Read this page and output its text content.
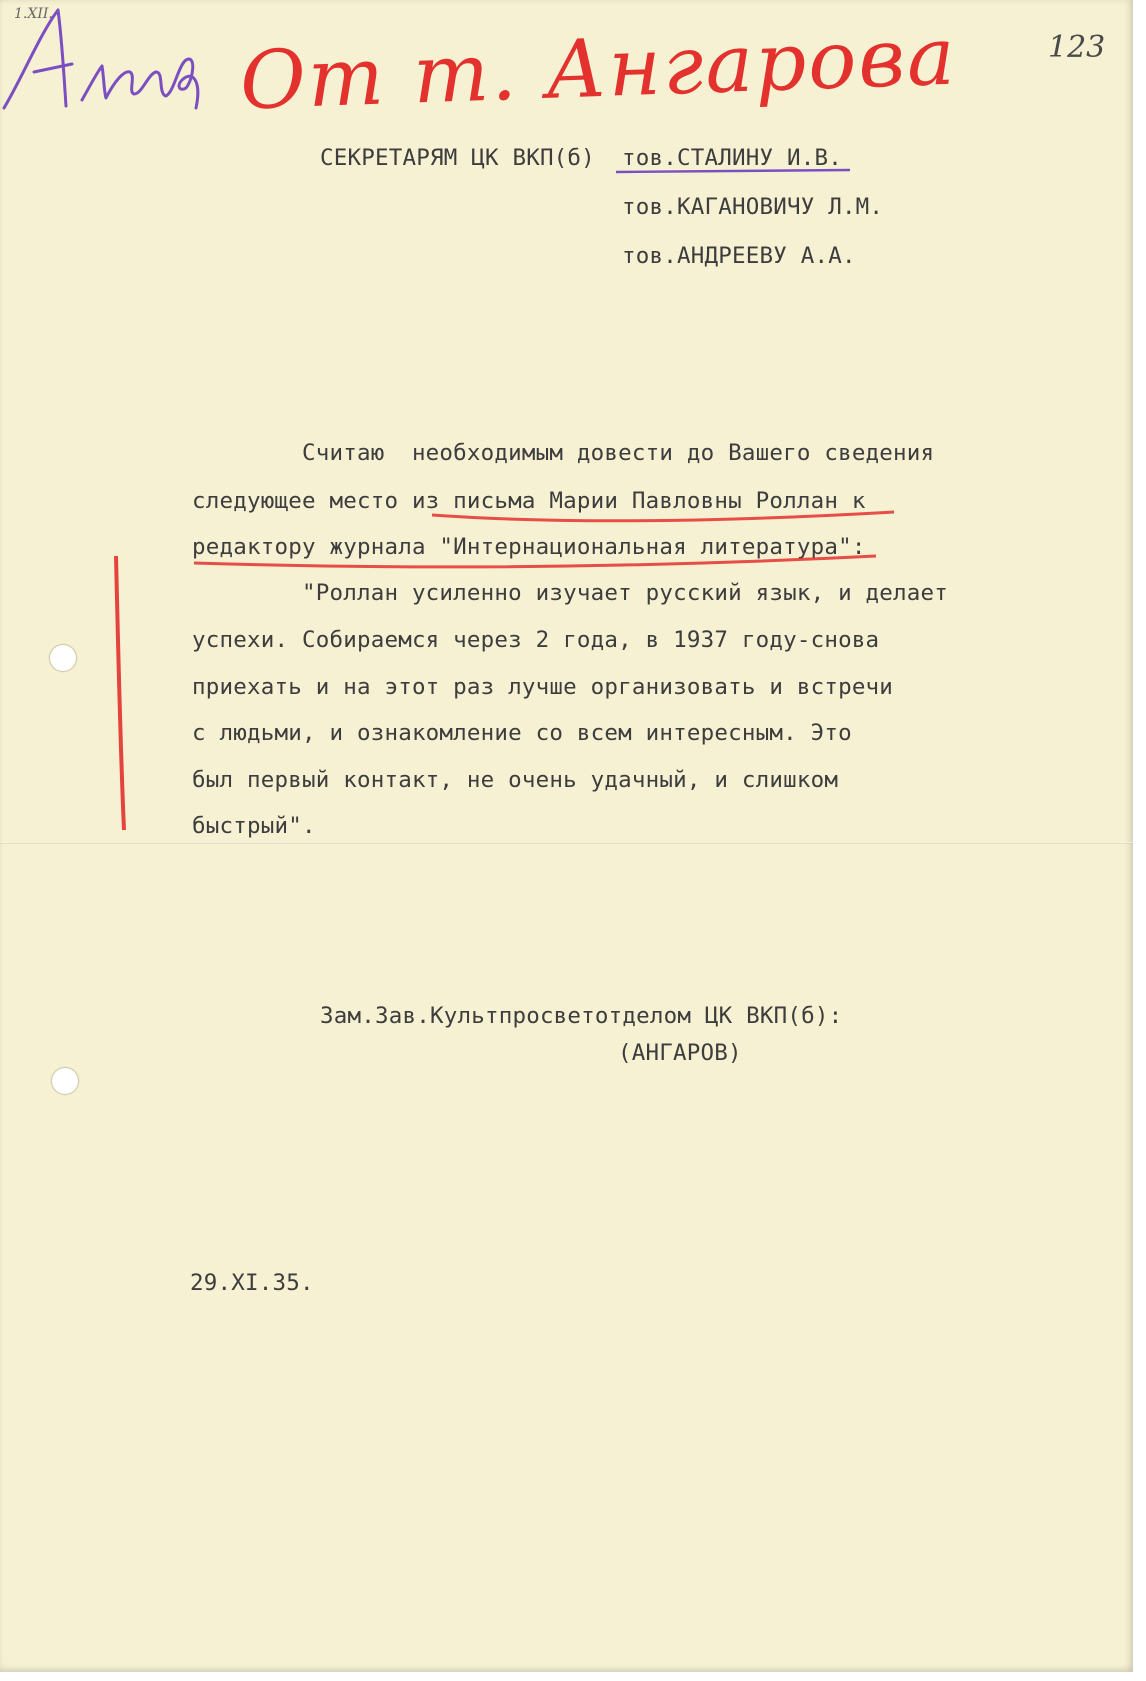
1.XII.
123
От т. Ангарова
СЕКРЕТАРЯМ ЦК ВКП(б) тов.СТАЛИНУ И.В.
тов.КАГАНОВИЧУ Л.М.
тов.АНДРЕЕВУ А.А.
Считаю  необходимым довести до Вашего сведения
следующее место из письма Марии Павловны Роллан к
редактору журнала "Интернациональная литература":
"Роллан усиленно изучает русский язык, и делает
успехи. Собираемся через 2 года, в 1937 году-снова
приехать и на этот раз лучше организовать и встречи
с людьми, и ознакомление со всем интересным. Это
был первый контакт, не очень удачный, и слишком
быстрый".
Зам.Зав.Культпросветотделом ЦК ВКП(б):
(АНГАРОВ)
29.XI.35.
